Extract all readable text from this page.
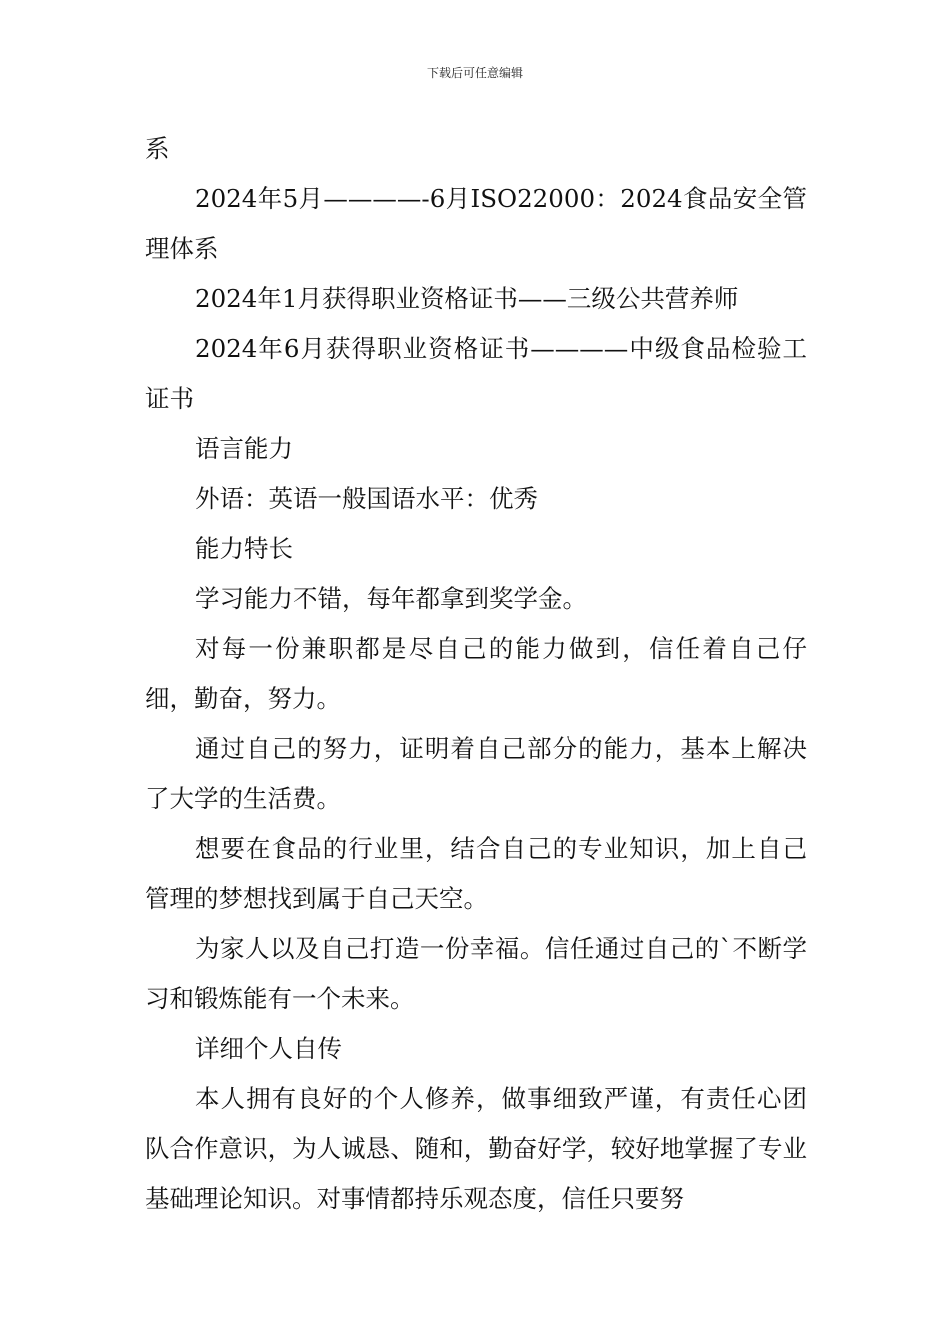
下载后可任意编辑

系

2024年5月————-6月ISO22000：2024食品安全管理体系

2024年1月获得职业资格证书——三级公共营养师

2024年6月获得职业资格证书————中级食品检验工证书

语言能力

外语：英语一般国语水平：优秀

能力特长

学习能力不错，每年都拿到奖学金。

对每一份兼职都是尽自己的能力做到，信任着自己仔细，勤奋，努力。

通过自己的努力，证明着自己部分的能力，基本上解决了大学的生活费。

想要在食品的行业里，结合自己的专业知识，加上自己管理的梦想找到属于自己天空。

为家人以及自己打造一份幸福。信任通过自己的`不断学习和锻炼能有一个未来。

详细个人自传

本人拥有良好的个人修养，做事细致严谨，有责任心团队合作意识，为人诚恳、随和，勤奋好学，较好地掌握了专业基础理论知识。对事情都持乐观态度，信任只要努
